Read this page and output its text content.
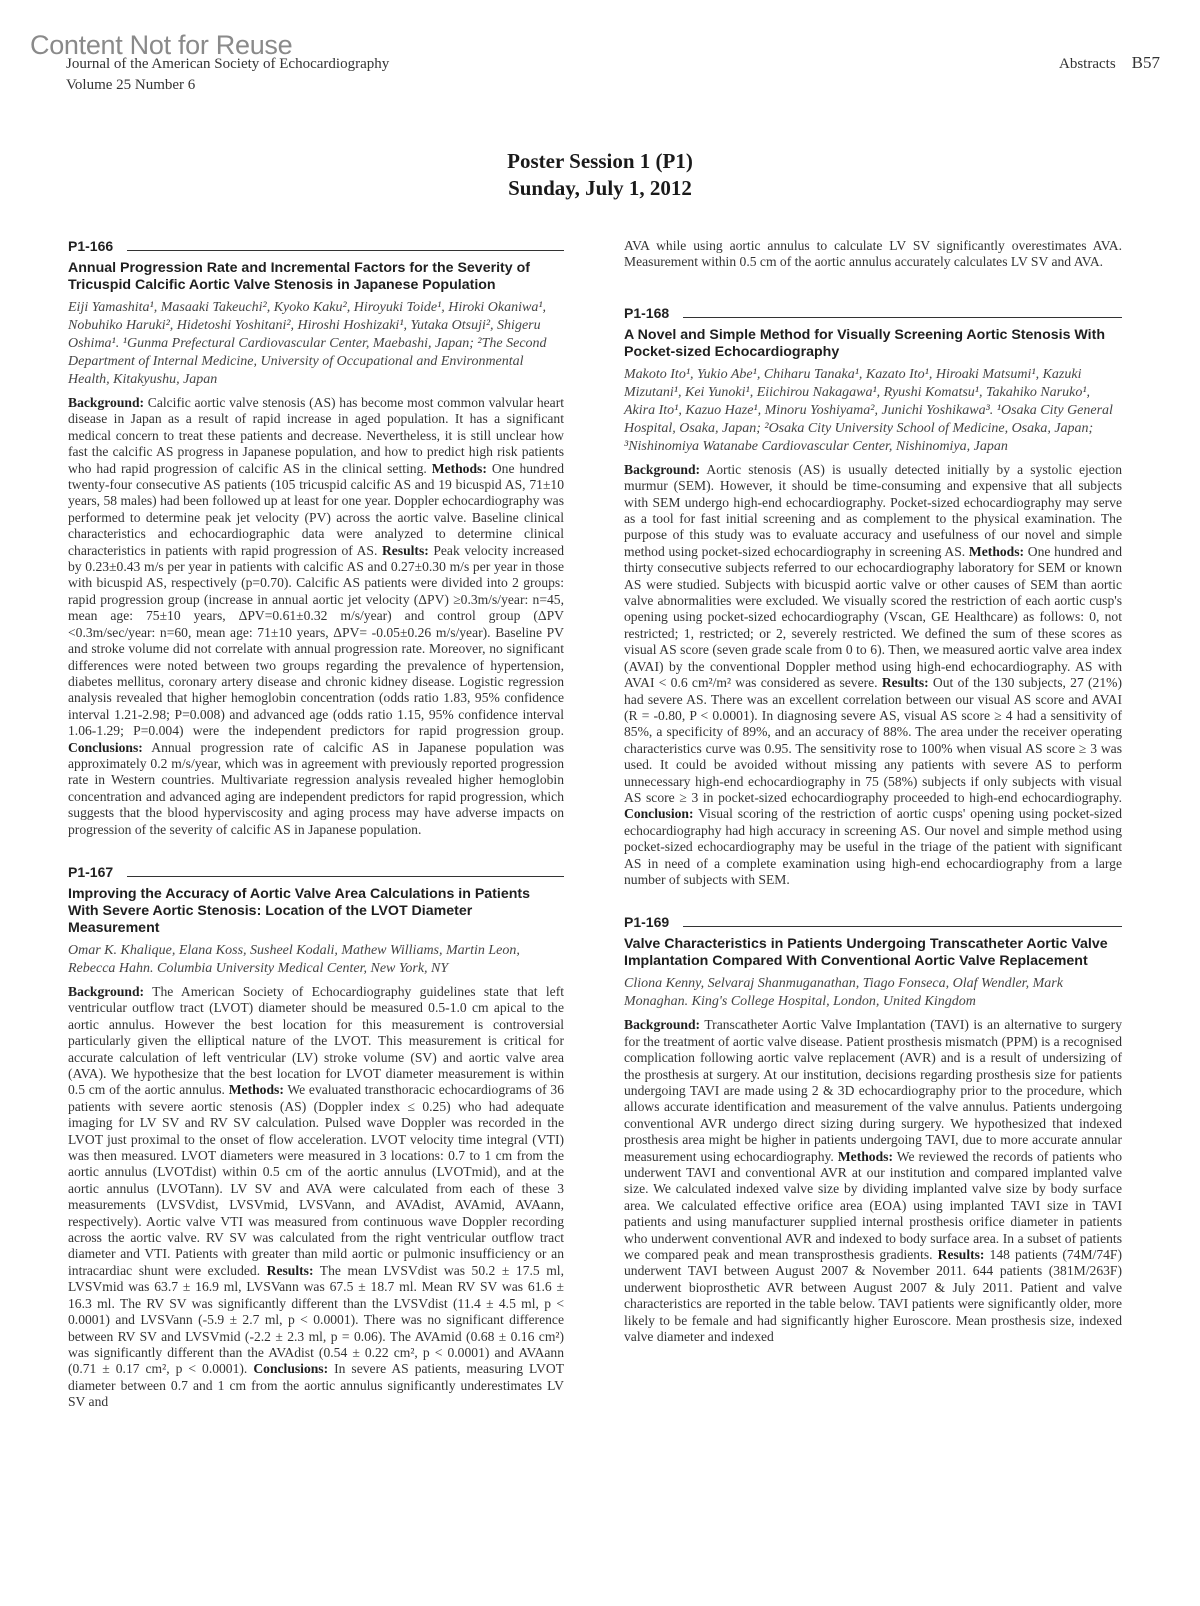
Content Not for Reuse
Journal of the American Society of Echocardiography
Volume 25 Number 6
Abstracts B57
Poster Session 1 (P1)
Sunday, July 1, 2012
P1-166
Annual Progression Rate and Incremental Factors for the Severity of Tricuspid Calcific Aortic Valve Stenosis in Japanese Population
Eiji Yamashita¹, Masaaki Takeuchi², Kyoko Kaku², Hiroyuki Toide¹, Hiroki Okaniwa¹, Nobuhiko Haruki², Hidetoshi Yoshitani², Hiroshi Hoshizaki¹, Yutaka Otsuji², Shigeru Oshima¹. ¹Gunma Prefectural Cardiovascular Center, Maebashi, Japan; ²The Second Department of Internal Medicine, University of Occupational and Environmental Health, Kitakyushu, Japan

Background: Calcific aortic valve stenosis (AS) has become most common valvular heart disease in Japan as a result of rapid increase in aged population. It has a significant medical concern to treat these patients and decrease. Nevertheless, it is still unclear how fast the calcific AS progress in Japanese population, and how to predict high risk patients who had rapid progression of calcific AS in the clinical setting. Methods: One hundred twenty-four consecutive AS patients (105 tricuspid calcific AS and 19 bicuspid AS, 71±10 years, 58 males) had been followed up at least for one year. Doppler echocardiography was performed to determine peak jet velocity (PV) across the aortic valve. Baseline clinical characteristics and echocardiographic data were analyzed to determine clinical characteristics in patients with rapid progression of AS. Results: Peak velocity increased by 0.23±0.43 m/s per year in patients with calcific AS and 0.27±0.30 m/s per year in those with bicuspid AS, respectively (p=0.70). Calcific AS patients were divided into 2 groups: rapid progression group (increase in annual aortic jet velocity (ΔPV) ≥0.3m/s/year: n=45, mean age: 75±10 years, ΔPV=0.61±0.32 m/s/year) and control group (ΔPV <0.3m/sec/year: n=60, mean age: 71±10 years, ΔPV= -0.05±0.26 m/s/year). Baseline PV and stroke volume did not correlate with annual progression rate. Moreover, no significant differences were noted between two groups regarding the prevalence of hypertension, diabetes mellitus, coronary artery disease and chronic kidney disease. Logistic regression analysis revealed that higher hemoglobin concentration (odds ratio 1.83, 95% confidence interval 1.21-2.98; P=0.008) and advanced age (odds ratio 1.15, 95% confidence interval 1.06-1.29; P=0.004) were the independent predictors for rapid progression group. Conclusions: Annual progression rate of calcific AS in Japanese population was approximately 0.2 m/s/year, which was in agreement with previously reported progression rate in Western countries. Multivariate regression analysis revealed higher hemoglobin concentration and advanced aging are independent predictors for rapid progression, which suggests that the blood hyperviscosity and aging process may have adverse impacts on progression of the severity of calcific AS in Japanese population.

P1-167
Improving the Accuracy of Aortic Valve Area Calculations in Patients With Severe Aortic Stenosis: Location of the LVOT Diameter Measurement
Omar K. Khalique, Elana Koss, Susheel Kodali, Mathew Williams, Martin Leon, Rebecca Hahn. Columbia University Medical Center, New York, NY

Background: The American Society of Echocardiography guidelines state that left ventricular outflow tract (LVOT) diameter should be measured 0.5-1.0 cm apical to the aortic annulus. However the best location for this measurement is controversial particularly given the elliptical nature of the LVOT. This measurement is critical for accurate calculation of left ventricular (LV) stroke volume (SV) and aortic valve area (AVA). We hypothesize that the best location for LVOT diameter measurement is within 0.5 cm of the aortic annulus. Methods: We evaluated transthoracic echocardiograms of 36 patients with severe aortic stenosis (AS) (Doppler index ≤ 0.25) who had adequate imaging for LV SV and RV SV calculation. Pulsed wave Doppler was recorded in the LVOT just proximal to the onset of flow acceleration. LVOT velocity time integral (VTI) was then measured. LVOT diameters were measured in 3 locations: 0.7 to 1 cm from the aortic annulus (LVOTdist) within 0.5 cm of the aortic annulus (LVOTmid), and at the aortic annulus (LVOTann). LV SV and AVA were calculated from each of these 3 measurements (LVSVdist, LVSVmid, LVSVann, and AVAdist, AVAmid, AVAann, respectively). Aortic valve VTI was measured from continuous wave Doppler recording across the aortic valve. RV SV was calculated from the right ventricular outflow tract diameter and VTI. Patients with greater than mild aortic or pulmonic insufficiency or an intracardiac shunt were excluded. Results: The mean LVSVdist was 50.2 ± 17.5 ml, LVSVmid was 63.7 ± 16.9 ml, LVSVann was 67.5 ± 18.7 ml. Mean RV SV was 61.6 ± 16.3 ml. The RV SV was significantly different than the LVSVdist (11.4 ± 4.5 ml, p < 0.0001) and LVSVann (-5.9 ± 2.7 ml, p < 0.0001). There was no significant difference between RV SV and LVSVmid (-2.2 ± 2.3 ml, p = 0.06). The AVAmid (0.68 ± 0.16 cm²) was significantly different than the AVAdist (0.54 ± 0.22 cm², p < 0.0001) and AVAann (0.71 ± 0.17 cm², p < 0.0001). Conclusions: In severe AS patients, measuring LVOT diameter between 0.7 and 1 cm from the aortic annulus significantly underestimates LV SV and

AVA while using aortic annulus to calculate LV SV significantly overestimates AVA. Measurement within 0.5 cm of the aortic annulus accurately calculates LV SV and AVA.

P1-168
A Novel and Simple Method for Visually Screening Aortic Stenosis With Pocket-sized Echocardiography
Makoto Ito¹, Yukio Abe¹, Chiharu Tanaka¹, Kazato Ito¹, Hiroaki Matsumi¹, Kazuki Mizutani¹, Kei Yunoki¹, Eiichirou Nakagawa¹, Ryushi Komatsu¹, Takahiko Naruko¹, Akira Ito¹, Kazuo Haze¹, Minoru Yoshiyama², Junichi Yoshikawa³. ¹Osaka City General Hospital, Osaka, Japan; ²Osaka City University School of Medicine, Osaka, Japan; ³Nishinomiya Watanabe Cardiovascular Center, Nishinomiya, Japan

Background: Aortic stenosis (AS) is usually detected initially by a systolic ejection murmur (SEM). However, it should be time-consuming and expensive that all subjects with SEM undergo high-end echocardiography. Pocket-sized echocardiography may serve as a tool for fast initial screening and as complement to the physical examination. The purpose of this study was to evaluate accuracy and usefulness of our novel and simple method using pocket-sized echocardiography in screening AS. Methods: One hundred and thirty consecutive subjects referred to our echocardiography laboratory for SEM or known AS were studied. Subjects with bicuspid aortic valve or other causes of SEM than aortic valve abnormalities were excluded. We visually scored the restriction of each aortic cusp's opening using pocket-sized echocardiography (Vscan, GE Healthcare) as follows: 0, not restricted; 1, restricted; or 2, severely restricted. We defined the sum of these scores as visual AS score (seven grade scale from 0 to 6). Then, we measured aortic valve area index (AVAI) by the conventional Doppler method using high-end echocardiography. AS with AVAI < 0.6 cm²/m² was considered as severe. Results: Out of the 130 subjects, 27 (21%) had severe AS. There was an excellent correlation between our visual AS score and AVAI (R = -0.80, P < 0.0001). In diagnosing severe AS, visual AS score ≥ 4 had a sensitivity of 85%, a specificity of 89%, and an accuracy of 88%. The area under the receiver operating characteristics curve was 0.95. The sensitivity rose to 100% when visual AS score ≥ 3 was used. It could be avoided without missing any patients with severe AS to perform unnecessary high-end echocardiography in 75 (58%) subjects if only subjects with visual AS score ≥ 3 in pocket-sized echocardiography proceeded to high-end echocardiography. Conclusion: Visual scoring of the restriction of aortic cusps' opening using pocket-sized echocardiography had high accuracy in screening AS. Our novel and simple method using pocket-sized echocardiography may be useful in the triage of the patient with significant AS in need of a complete examination using high-end echocardiography from a large number of subjects with SEM.

P1-169
Valve Characteristics in Patients Undergoing Transcatheter Aortic Valve Implantation Compared With Conventional Aortic Valve Replacement
Cliona Kenny, Selvaraj Shanmuganathan, Tiago Fonseca, Olaf Wendler, Mark Monaghan. King's College Hospital, London, United Kingdom

Background: Transcatheter Aortic Valve Implantation (TAVI) is an alternative to surgery for the treatment of aortic valve disease. Patient prosthesis mismatch (PPM) is a recognised complication following aortic valve replacement (AVR) and is a result of undersizing of the prosthesis at surgery. At our institution, decisions regarding prosthesis size for patients undergoing TAVI are made using 2 & 3D echocardiography prior to the procedure, which allows accurate identification and measurement of the valve annulus. Patients undergoing conventional AVR undergo direct sizing during surgery. We hypothesized that indexed prosthesis area might be higher in patients undergoing TAVI, due to more accurate annular measurement using echocardiography. Methods: We reviewed the records of patients who underwent TAVI and conventional AVR at our institution and compared implanted valve size. We calculated indexed valve size by dividing implanted valve size by body surface area. We calculated effective orifice area (EOA) using implanted TAVI size in TAVI patients and using manufacturer supplied internal prosthesis orifice diameter in patients who underwent conventional AVR and indexed to body surface area. In a subset of patients we compared peak and mean transprosthesis gradients. Results: 148 patients (74M/74F) underwent TAVI between August 2007 & November 2011. 644 patients (381M/263F) underwent bioprosthetic AVR between August 2007 & July 2011. Patient and valve characteristics are reported in the table below. TAVI patients were significantly older, more likely to be female and had significantly higher Euroscore. Mean prosthesis size, indexed valve diameter and indexed
